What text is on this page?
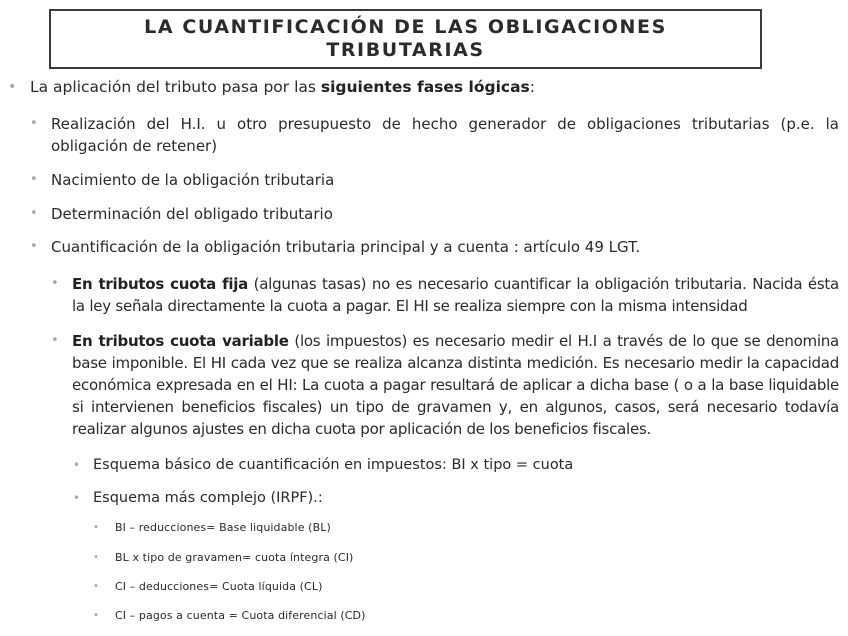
LA CUANTIFICACIÓN DE LAS OBLIGACIONES
TRIBUTARIAS
• La aplicación del tributo pasa por las siguientes fases lógicas:
• Realización del H.I. u otro presupuesto de hecho generador de obligaciones tributarias (p.e. la obligación de retener)
• Nacimiento de la obligación tributaria
• Determinación del obligado tributario
• Cuantificación de la obligación tributaria principal y a cuenta : artículo 49 LGT.
• En tributos cuota fija (algunas tasas) no es necesario cuantificar la obligación tributaria. Nacida ésta la ley señala directamente la cuota a pagar. El HI se realiza siempre con la misma intensidad
• En tributos cuota variable (los impuestos) es necesario medir el H.I a través de lo que se denomina base imponible. El HI cada vez que se realiza alcanza distinta medición. Es necesario medir la capacidad económica expresada en el HI: La cuota a pagar resultará de aplicar a dicha base ( o a la base liquidable si intervienen beneficios fiscales) un tipo de gravamen y, en algunos, casos, será necesario todavía realizar algunos ajustes en dicha cuota por aplicación de los beneficios fiscales.
• Esquema básico de cuantificación en impuestos: BI x tipo = cuota
• Esquema más complejo (IRPF).:
• BI – reducciones= Base liquidable (BL)
• BL x tipo de gravamen= cuota íntegra (CI)
• CI – deducciones= Cuota líquida (CL)
• CI – pagos a cuenta = Cuota diferencial (CD)
